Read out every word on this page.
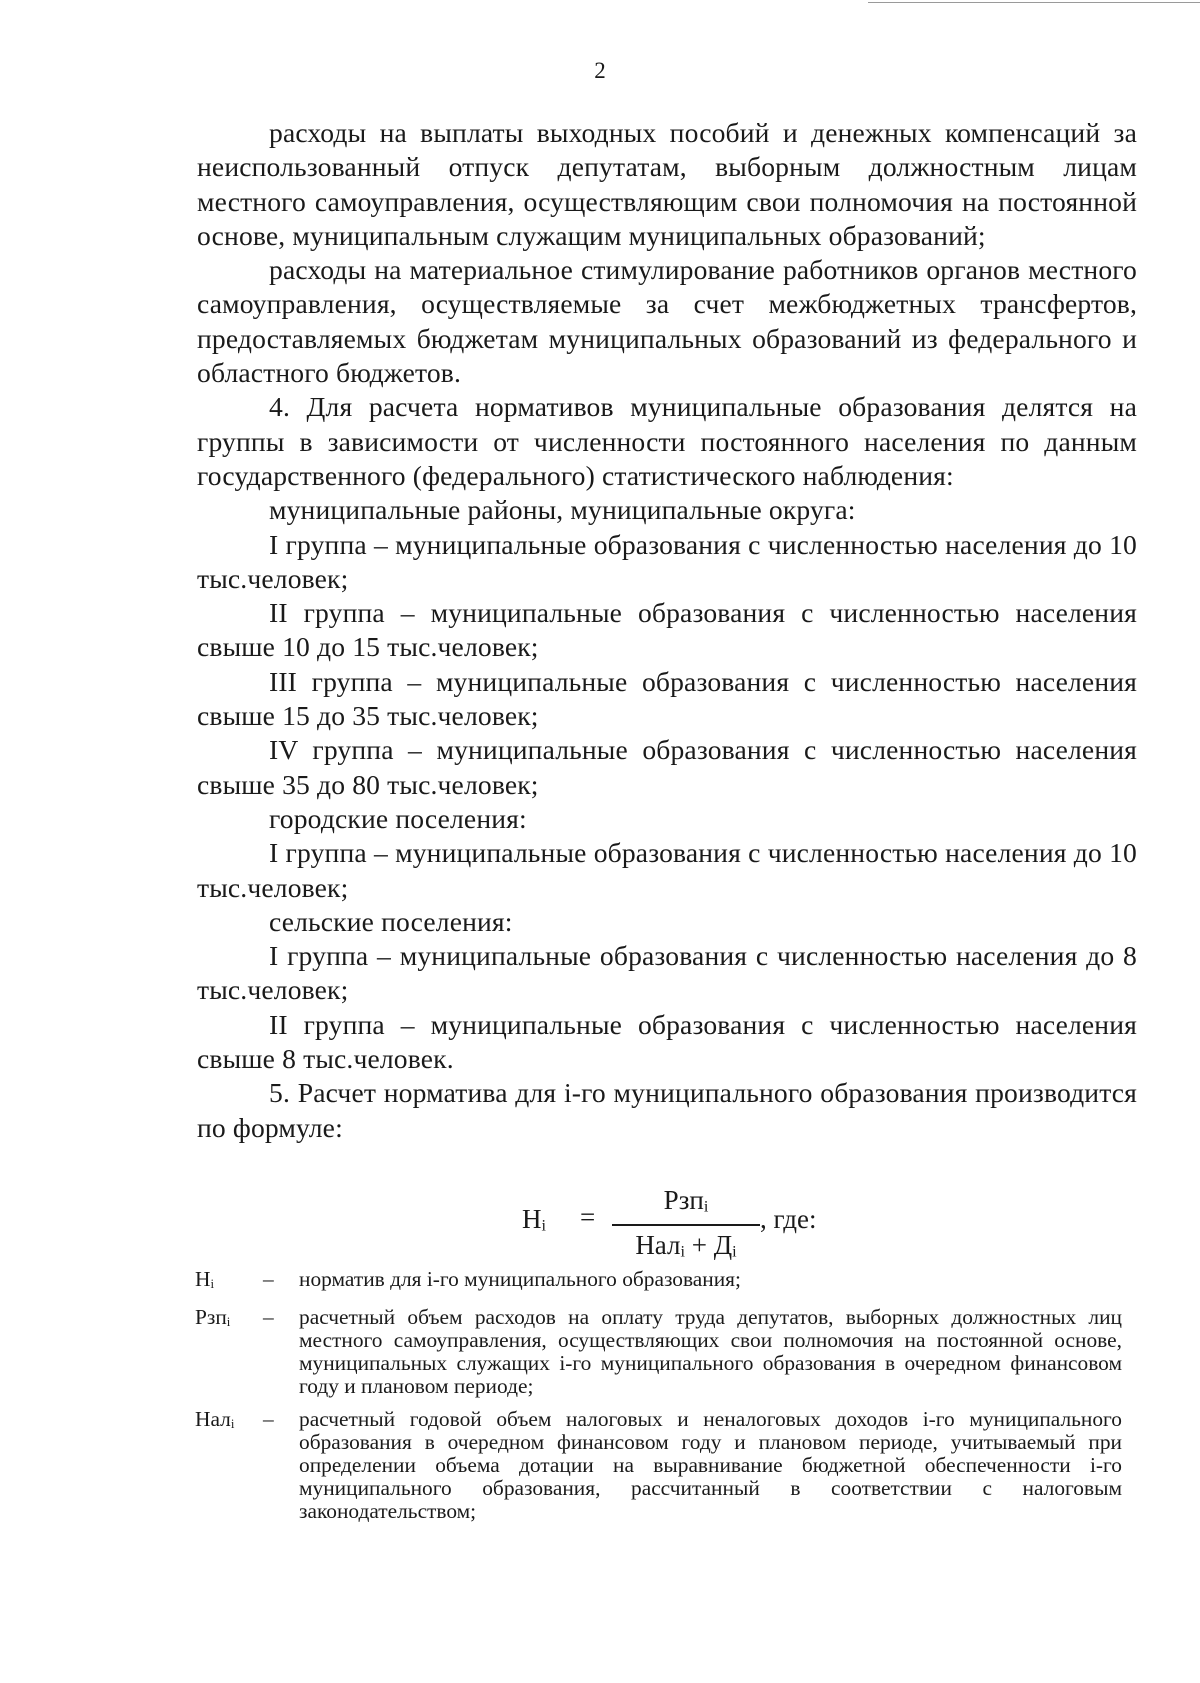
2

расходы на выплаты выходных пособий и денежных компенсаций за неиспользованный отпуск депутатам, выборным должностным лицам местного самоуправления, осуществляющим свои полномочия на постоянной основе, муниципальным служащим муниципальных образований;

расходы на материальное стимулирование работников органов местного самоуправления, осуществляемые за счет межбюджетных трансфертов, предоставляемых бюджетам муниципальных образований из федерального и областного бюджетов.

4. Для расчета нормативов муниципальные образования делятся на группы в зависимости от численности постоянного населения по данным государственного (федерального) статистического наблюдения:

муниципальные районы, муниципальные округа:

I группа – муниципальные образования с численностью населения до 10 тыс.человек;

II группа – муниципальные образования с численностью населения свыше 10 до 15 тыс.человек;

III группа – муниципальные образования с численностью населения свыше 15 до 35 тыс.человек;

IV группа – муниципальные образования с численностью населения свыше 35 до 80 тыс.человек;

городские поселения:

I группа – муниципальные образования с численностью населения до 10 тыс.человек;

сельские поселения:

I группа – муниципальные образования с численностью населения до 8 тыс.человек;

II группа – муниципальные образования с численностью населения свыше 8 тыс.человек.

5. Расчет норматива для i-го муниципального образования производится по формуле:

$Н_i$ =
Рзп$_i$
$Нал_i + Д_i$
, где:
$Н_i$	–	норматив для i-го муниципального образования;
Рзп$_i$	–	расчетный объем расходов на оплату труда депутатов, выборных должностных лиц местного самоуправления, осуществляющих свои полномочия на постоянной основе, муниципальных служащих i-го муниципального образования в очередном финансовом году и плановом периоде;
Нал$_i$	–	расчетный годовой объем налоговых и неналоговых доходов i-го муниципального образования в очередном финансовом году и плановом периоде, учитываемый при определении объема дотации на выравнивание бюджетной обеспеченности i-го муниципального образования, рассчитанный в соответствии с налоговым законодательством;
